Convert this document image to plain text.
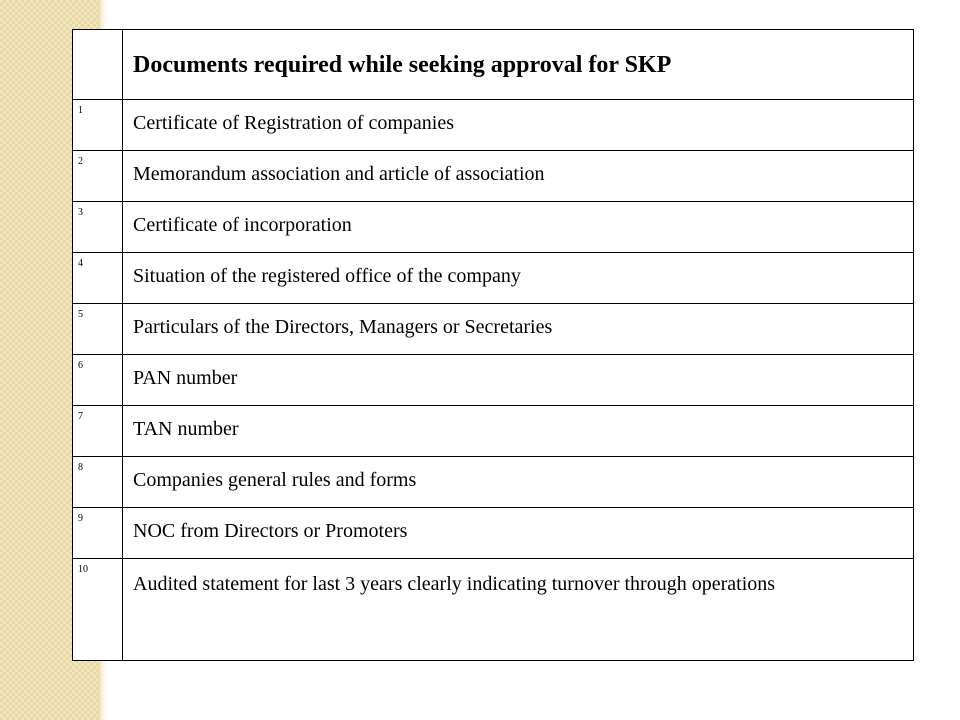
	Documents required while seeking approval for SKP
1	Certificate of Registration of companies
2	Memorandum association and article of association
3	Certificate of incorporation
4	Situation of the registered office of the company
5	Particulars of the Directors, Managers or Secretaries
6	PAN number
7	TAN number
8	Companies general rules and forms
9	NOC from Directors or Promoters
10	Audited statement for last 3 years clearly indicating turnover through operations
